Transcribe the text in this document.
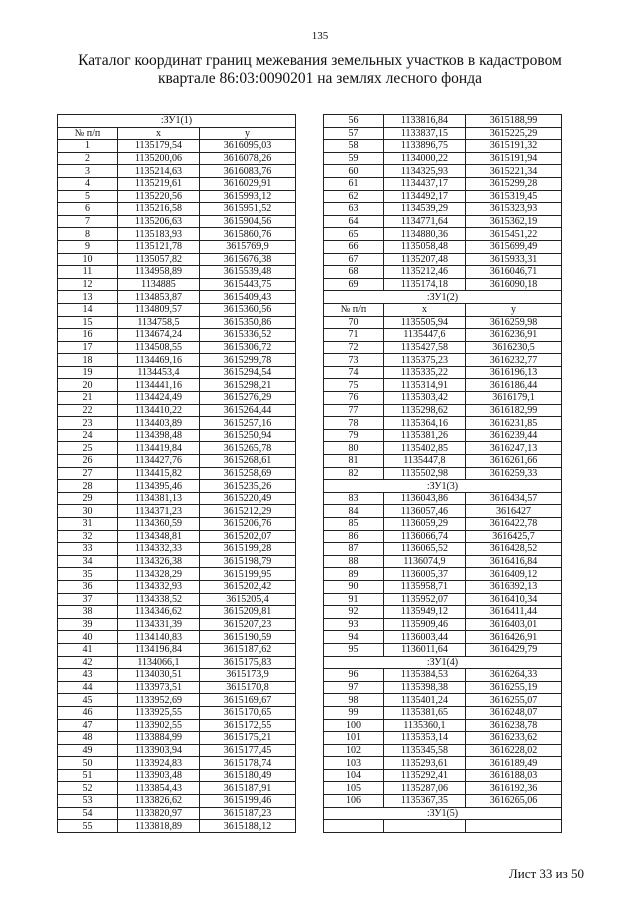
135
Каталог координат границ межевания земельных участков в кадастровом
квартале 86:03:0090201 на землях лесного фонда
:ЗУ1(1)		
№ п/п	x	y
1	1135179,54	3616095,03
2	1135200,06	3616078,26
3	1135214,63	3616083,76
4	1135219,61	3616029,91
5	1135220,56	3615993,12
6	1135216,58	3615951,52
7	1135206,63	3615904,56
8	1135183,93	3615860,76
9	1135121,78	3615769,9
10	1135057,82	3615676,38
11	1134958,89	3615539,48
12	1134885	3615443,75
13	1134853,87	3615409,43
14	1134809,57	3615360,56
15	1134758,5	3615350,86
16	1134674,24	3615336,52
17	1134508,55	3615306,72
18	1134469,16	3615299,78
19	1134453,4	3615294,54
20	1134441,16	3615298,21
21	1134424,49	3615276,29
22	1134410,22	3615264,44
23	1134403,89	3615257,16
24	1134398,48	3615250,94
25	1134419,84	3615265,78
26	1134427,76	3615268,61
27	1134415,82	3615258,69
28	1134395,46	3615235,26
29	1134381,13	3615220,49
30	1134371,23	3615212,29
31	1134360,59	3615206,76
32	1134348,81	3615202,07
33	1134332,33	3615199,28
34	1134326,38	3615198,79
35	1134328,29	3615199,95
36	1134332,93	3615202,42
37	1134338,52	3615205,4
38	1134346,62	3615209,81
39	1134331,39	3615207,23
40	1134140,83	3615190,59
41	1134196,84	3615187,62
42	1134066,1	3615175,83
43	1134030,51	3615173,9
44	1133973,51	3615170,8
45	1133952,69	3615169,67
46	1133925,55	3615170,65
47	1133902,55	3615172,55
48	1133884,99	3615175,21
49	1133903,94	3615177,45
50	1133924,83	3615178,74
51	1133903,48	3615180,49
52	1133854,43	3615187,91
53	1133826,62	3615199,46
54	1133820,97	3615187,23
55	1133818,89	3615188,12
56	1133816,84	3615188,99
57	1133837,15	3615225,29
58	1133896,75	3615191,32
59	1134000,22	3615191,94
60	1134325,93	3615221,34
61	1134437,17	3615299,28
62	1134492,17	3615319,45
63	1134539,29	3615323,93
64	1134771,64	3615362,19
65	1134880,36	3615451,22
66	1135058,48	3615699,49
67	1135207,48	3615933,31
68	1135212,46	3616046,71
69	1135174,18	3616090,18
:ЗУ1(2)		
№ п/п	x	y
70	1135505,94	3616259,98
71	1135447,6	3616236,91
72	1135427,58	3616230,5
73	1135375,23	3616232,77
74	1135335,22	3616196,13
75	1135314,91	3616186,44
76	1135303,42	3616179,1
77	1135298,62	3616182,99
78	1135364,16	3616231,85
79	1135381,26	3616239,44
80	1135402,85	3616247,13
81	1135447,8	3616261,66
82	1135502,98	3616259,33
:ЗУ1(3)		
83	1136043,86	3616434,57
84	1136057,46	3616427
85	1136059,29	3616422,78
86	1136066,74	3616425,7
87	1136065,52	3616428,52
88	1136074,9	3616416,84
89	1136005,37	3616409,12
90	1135958,71	3616392,13
91	1135952,07	3616410,34
92	1135949,12	3616411,44
93	1135909,46	3616403,01
94	1136003,44	3616426,91
95	1136011,64	3616429,79
:ЗУ1(4)		
96	1135384,53	3616264,33
97	1135398,38	3616255,19
98	1135401,24	3616255,07
99	1135381,65	3616248,07
100	1135360,1	3616238,78
101	1135353,14	3616233,62
102	1135345,58	3616228,02
103	1135293,61	3616189,49
104	1135292,41	3616188,03
105	1135287,06	3616192,36
106	1135367,35	3616265,06
:ЗУ1(5)		

Лист 33 из 50
